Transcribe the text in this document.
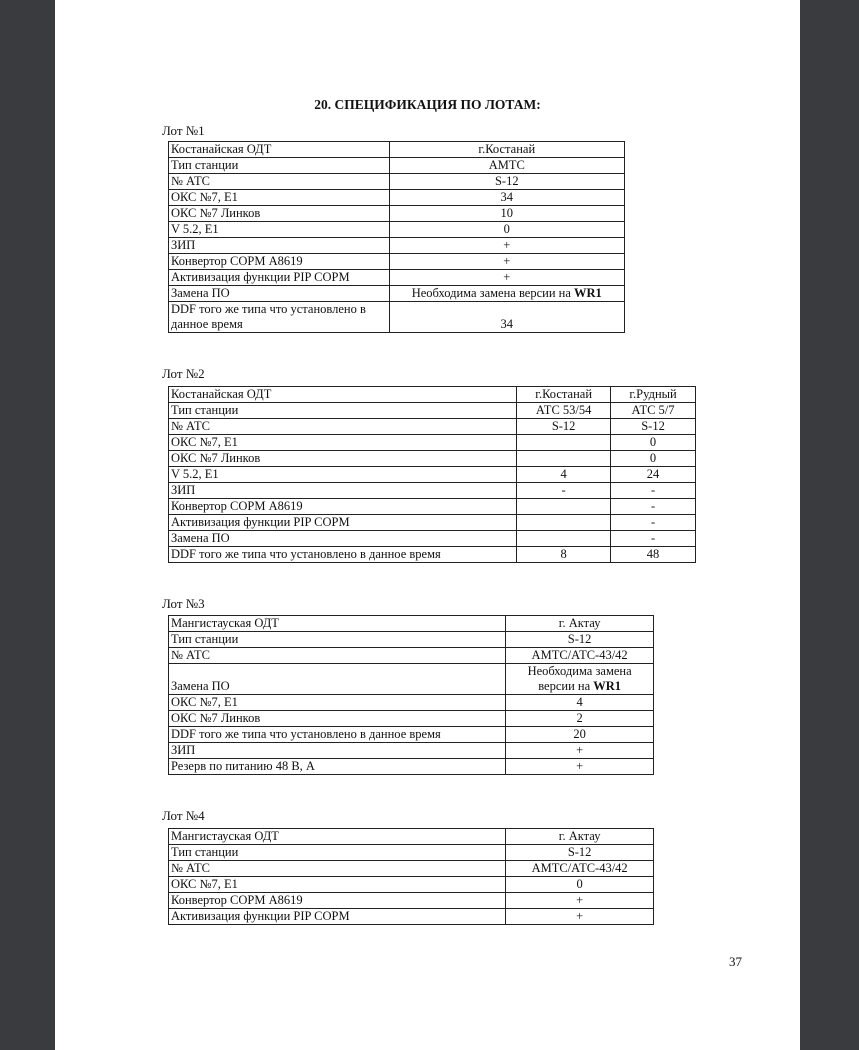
20. СПЕЦИФИКАЦИЯ ПО ЛОТАМ:
Лот №1
Костанайская ОДТ	г.Костанай
Тип станции	АМТС
№ АТС	S-12
ОКС №7, E1	34
ОКС №7 Линков	10
V 5.2, E1	0
ЗИП	+
Конвертор СОРМ А8619	+
Активизация функции PIP СОРМ	+
Замена ПО	Необходима замена версии на WR1
DDF того же типа что установлено в данное время	34
Лот №2
Костанайская ОДТ	г.Костанай	г.Рудный
Тип станции	АТС 53/54	АТС 5/7
№ АТС	S-12	S-12
ОКС №7, E1		0
ОКС №7 Линков		0
V 5.2, E1	4	24
ЗИП	-	-
Конвертор СОРМ А8619		-
Активизация функции PIP СОРМ		-
Замена ПО		-
DDF того же типа что установлено в данное время	8	48
Лот №3
Мангистауская ОДТ	г. Актау
Тип станции	S-12
№ АТС	АМТС/АТС-43/42
Замена ПО	Необходима замена версии на WR1
ОКС №7, E1	4
ОКС №7 Линков	2
DDF того же типа что установлено в данное время	20
ЗИП	+
Резерв по питанию 48 В, А	+
Лот №4
Мангистауская ОДТ	г. Актау
Тип станции	S-12
№ АТС	АМТС/АТС-43/42
ОКС №7, E1	0
Конвертор СОРМ А8619	+
Активизация функции PIP СОРМ	+
37
